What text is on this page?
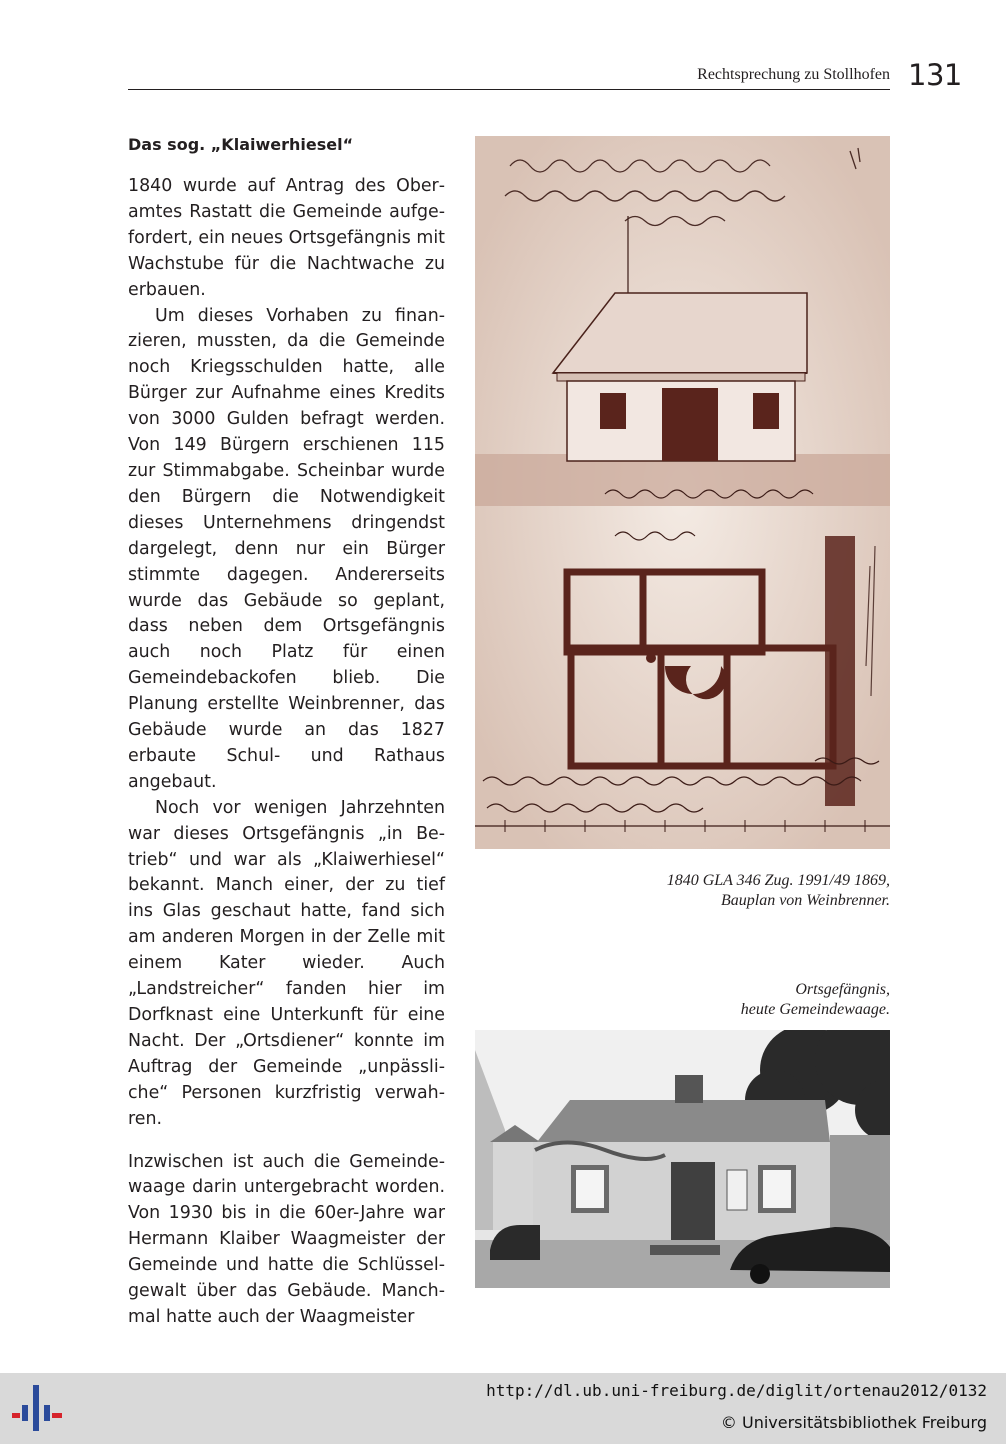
Rechtsprechung zu Stollhofen 131
Das sog. „Klaiwerhiesel“

1840 wurde auf Antrag des Oberamtes Rastatt die Gemeinde aufgefordert, ein neues Ortsgefängnis mit Wachstube für die Nachtwache zu erbauen.

Um dieses Vorhaben zu finanzieren, mussten, da die Gemeinde noch Kriegsschulden hatte, alle Bürger zur Aufnahme eines Kredits von 3000 Gulden befragt werden. Von 149 Bürgern erschienen 115 zur Stimmabgabe. Scheinbar wurde den Bürgern die Notwendigkeit dieses Unternehmens dringendst dargelegt, denn nur ein Bürger stimmte dagegen. Andererseits wurde das Gebäude so geplant, dass neben dem Ortsgefängnis auch noch Platz für einen Gemeindebackofen blieb. Die Planung erstellte Weinbrenner, das Gebäude wurde an das 1827 erbaute Schul- und Rathaus angebaut.

Noch vor wenigen Jahrzehnten war dieses Ortsgefängnis „in Betrieb“ und war als „Klaiwerhiesel“ bekannt. Manch einer, der zu tief ins Glas geschaut hatte, fand sich am anderen Morgen in der Zelle mit einem Kater wieder. Auch „Landstreicher“ fanden hier im Dorfknast eine Unterkunft für eine Nacht. Der „Ortsdiener“ konnte im Auftrag der Gemeinde „unpässliche“ Personen kurzfristig verwahren.

Inzwischen ist auch die Gemeindewaage darin untergebracht worden. Von 1930 bis in die 60er-Jahre war Hermann Klaiber Waagmeister der Gemeinde und hatte die Schlüsselgewalt über das Gebäude. Manchmal hatte auch der Waagmeister

1840 GLA 346 Zug. 1991/49 1869,
Bauplan von Weinbrenner.
Ortsgefängnis,
heute Gemeindewaage.
http://dl.ub.uni-freiburg.de/diglit/ortenau2012/0132
© Universitätsbibliothek Freiburg
